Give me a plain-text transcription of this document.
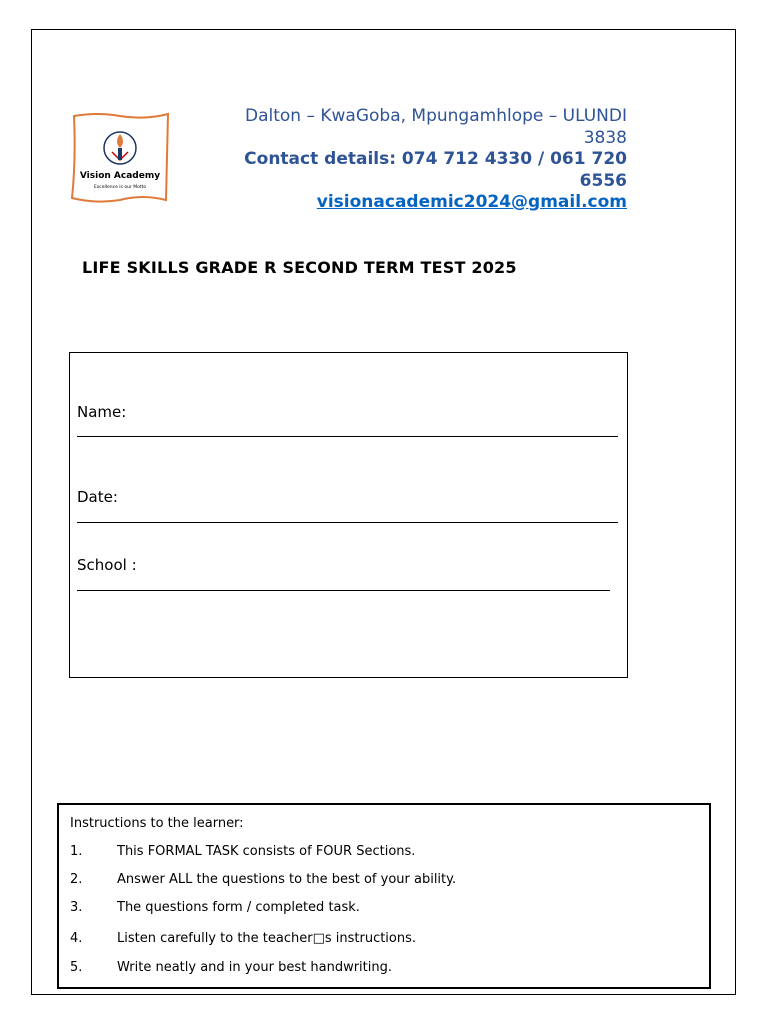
Vision Academy
Excellence is our Motto
Dalton – KwaGoba, Mpungamhlope – ULUNDI 3838
Contact details: 074 712 4330 / 061 720 6556
visionacademic2024@gmail.com
LIFE SKILLS GRADE R SECOND TERM TEST 2025
Name:
Date:
School :
Instructions to the learner:
1.	This FORMAL TASK consists of FOUR Sections.
2.	Answer ALL the questions to the best of your ability.
3.	The questions form / completed task.
4.	Listen carefully to the teacher□s instructions.
5.	Write neatly and in your best handwriting.
